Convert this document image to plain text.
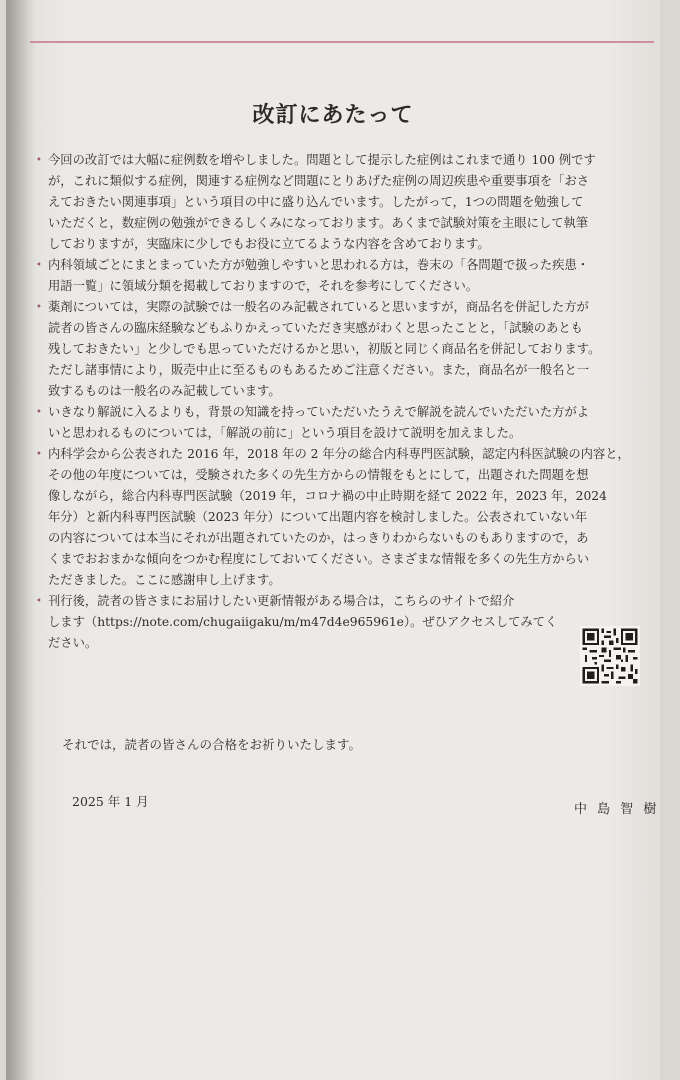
改訂にあたって
• 今回の改訂では大幅に症例数を増やしました。問題として提示した症例はこれまで通り 100 例です
が，これに類似する症例，関連する症例など問題にとりあげた症例の周辺疾患や重要事項を「おさ
えておきたい関連事項」という項目の中に盛り込んでいます。したがって，1つの問題を勉強して
いただくと，数症例の勉強ができるしくみになっております。あくまで試験対策を主眼にして執筆
しておりますが，実臨床に少しでもお役に立てるような内容を含めております。
• 内科領域ごとにまとまっていた方が勉強しやすいと思われる方は，巻末の「各問題で扱った疾患・
用語一覧」に領域分類を掲載しておりますので，それを参考にしてください。
• 薬剤については，実際の試験では一般名のみ記載されていると思いますが，商品名を併記した方が
読者の皆さんの臨床経験などもふりかえっていただき実感がわくと思ったことと，「試験のあとも
残しておきたい」と少しでも思っていただけるかと思い，初版と同じく商品名を併記しております。
ただし諸事情により，販売中止に至るものもあるためご注意ください。また，商品名が一般名と一
致するものは一般名のみ記載しています。
• いきなり解説に入るよりも，背景の知識を持っていただいたうえで解説を読んでいただいた方がよ
いと思われるものについては，「解説の前に」という項目を設けて説明を加えました。
• 内科学会から公表された 2016 年，2018 年の 2 年分の総合内科専門医試験，認定内科医試験の内容と，
その他の年度については，受験された多くの先生方からの情報をもとにして，出題された問題を想
像しながら，総合内科専門医試験（2019 年，コロナ禍の中止時期を経て 2022 年，2023 年，2024
年分）と新内科専門医試験（2023 年分）について出題内容を検討しました。公表されていない年
の内容については本当にそれが出題されていたのか，はっきりわからないものもありますので，あ
くまでおおまかな傾向をつかむ程度にしておいてください。さまざまな情報を多くの先生方からい
ただきました。ここに感謝申し上げます。
• 刊行後，読者の皆さまにお届けしたい更新情報がある場合は，こちらのサイトで紹介
します（https://note.com/chugaiigaku/m/m47d4e965961e）。ぜひアクセスしてみてく
ださい。
それでは，読者の皆さんの合格をお祈りいたします。
2025 年 1 月
中 島 智 樹
